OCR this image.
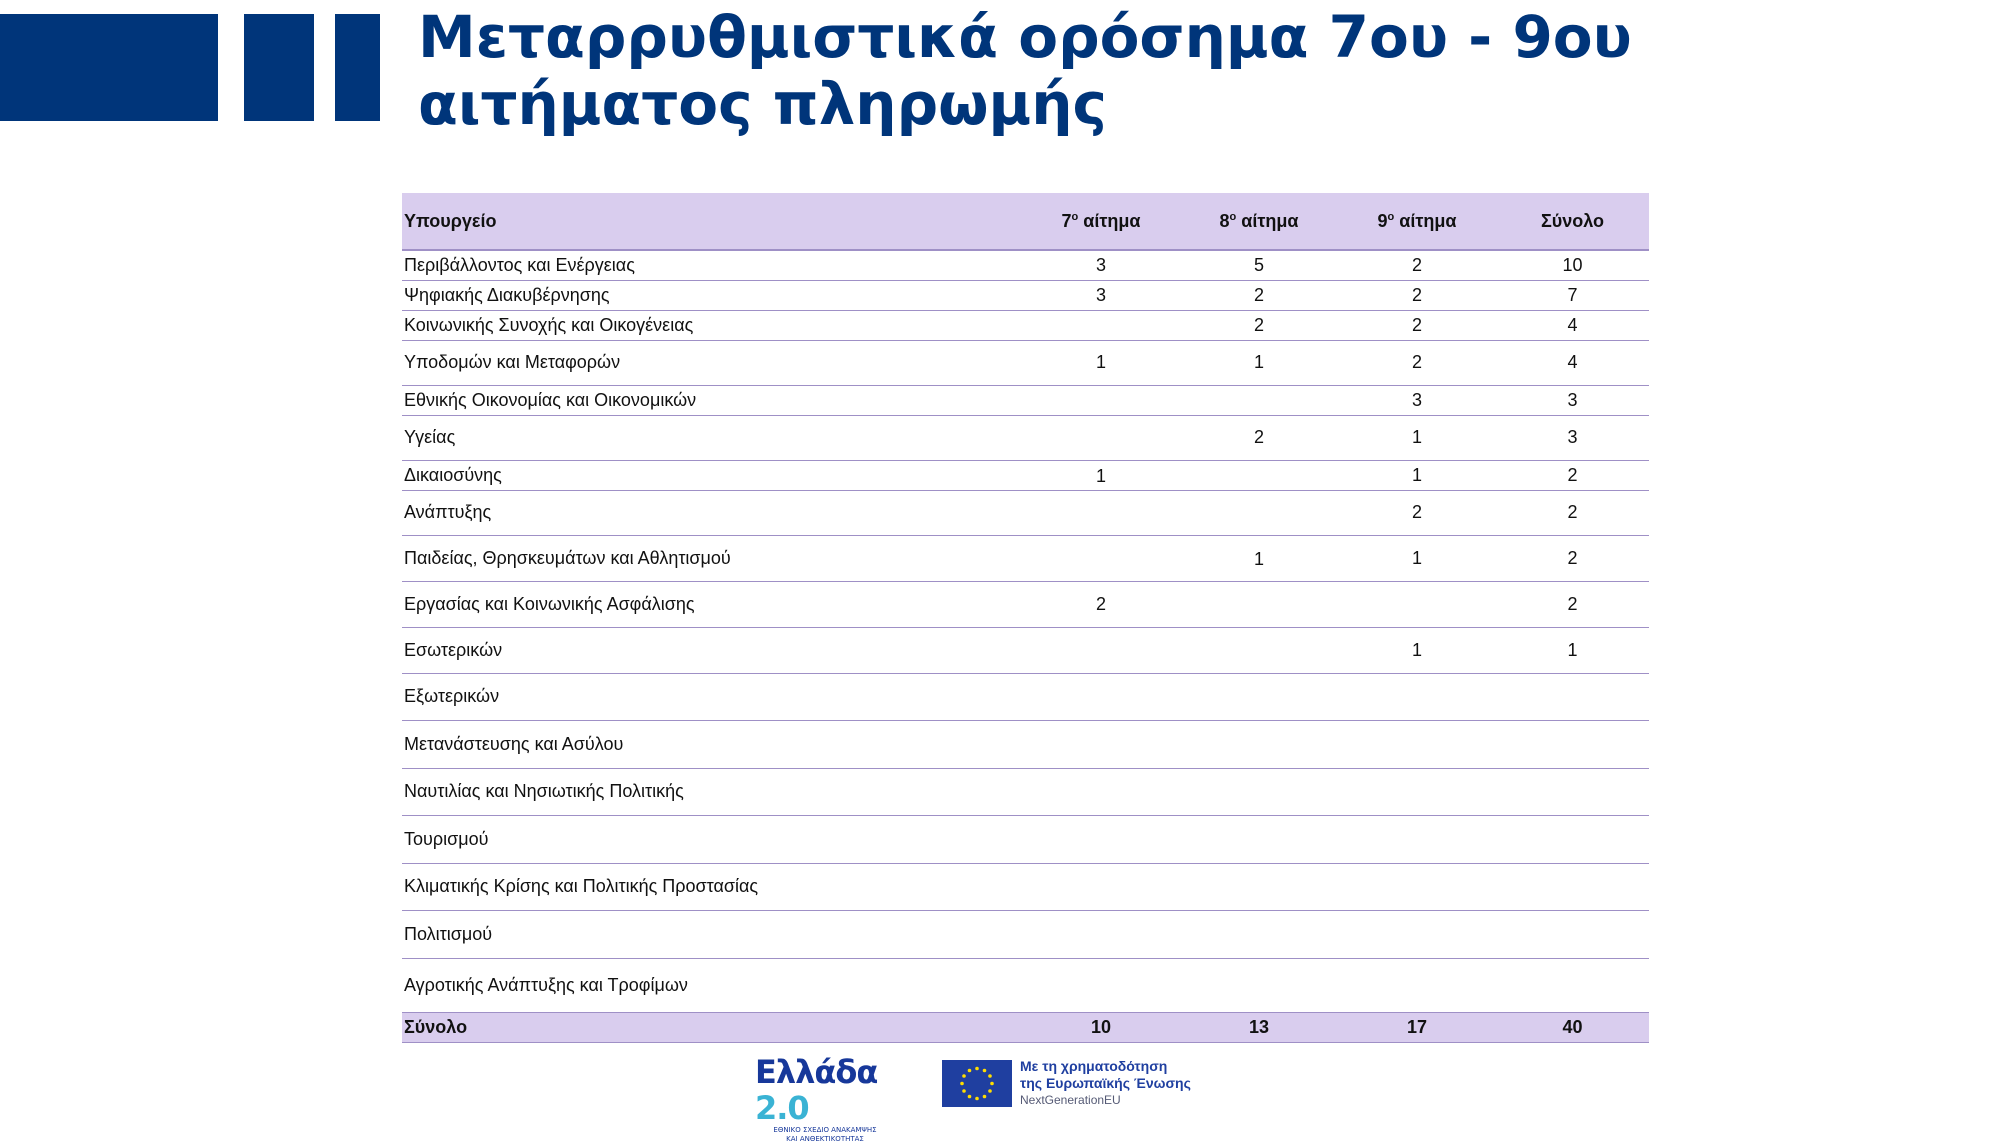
Μεταρρυθμιστικά ορόσημα 7ου - 9ου αιτήματος πληρωμής
Υπουργείο	$7^o$ αίτημα	$8^o$ αίτημα	$9^o$ αίτημα	Σύνολο
Περιβάλλοντος και Ενέργειας	3	5	2	10
Ψηφιακής Διακυβέρνησης	3	2	2	7
Κοινωνικής Συνοχής και Οικογένειας		2	2	4
Υποδομών και Μεταφορών	1	1	2	4
Εθνικής Οικονομίας και Οικονομικών			3	3
Υγείας		2	1	3
Δικαιοσύνης	1		1	2
Ανάπτυξης			2	2
Παιδείας, Θρησκευμάτων και Αθλητισμού		1	1	2
Εργασίας και Κοινωνικής Ασφάλισης	2			2
Εσωτερικών			1	1
Εξωτερικών				
Μετανάστευσης και Ασύλου				
Ναυτιλίας και Νησιωτικής Πολιτικής				
Τουρισμού				
Κλιματικής Κρίσης και Πολιτικής Προστασίας				
Πολιτισμού				
Αγροτικής Ανάπτυξης και Τροφίμων				
Σύνολο	10	13	17	40
Ελλάδα 2.0
ΕΘΝΙΚΟ ΣΧΕΔΙΟ ΑΝΑΚΑΜΨΗΣ
ΚΑΙ ΑΝΘΕΚΤΙΚΟΤΗΤΑΣ
Με τη χρηματοδότηση
της Ευρωπαϊκής Ένωσης
NextGenerationEU
